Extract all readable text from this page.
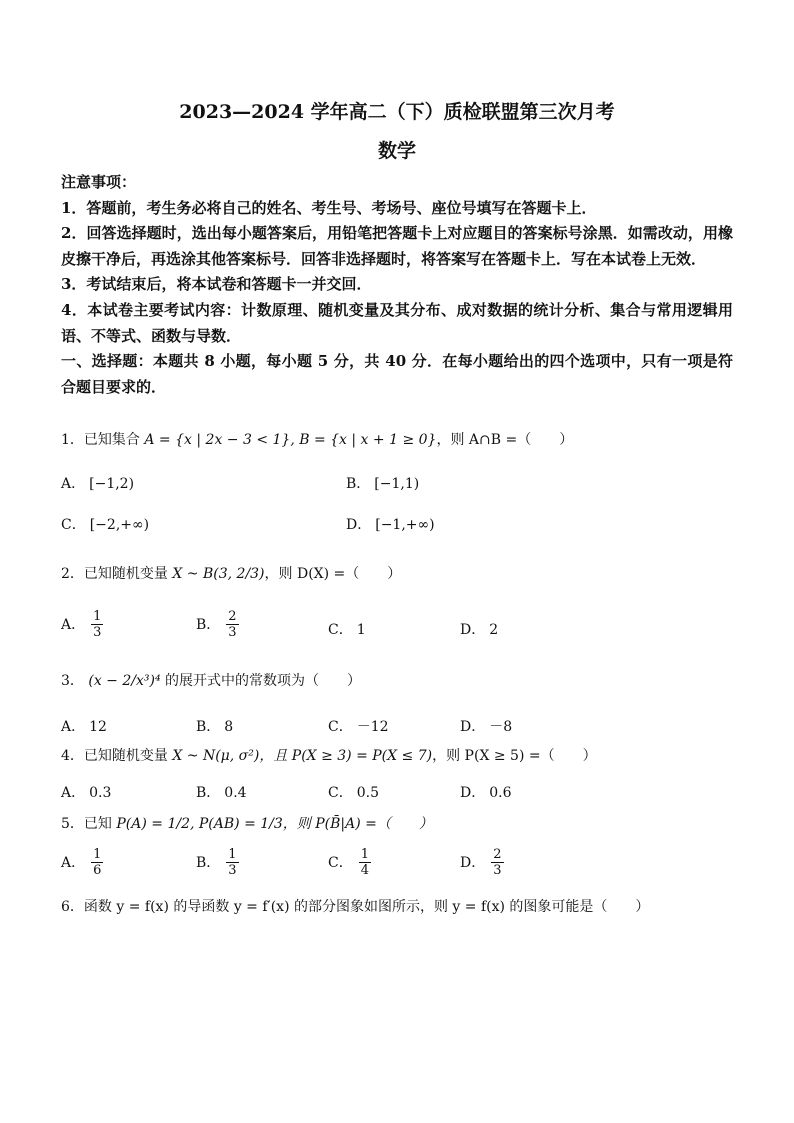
2023—2024 学年高二（下）质检联盟第三次月考
数学

注意事项：

1．答题前，考生务必将自己的姓名、考生号、考场号、座位号填写在答题卡上．

2．回答选择题时，选出每小题答案后，用铅笔把答题卡上对应题目的答案标号涂黑．如需改动，用橡皮擦干净后，再选涂其他答案标号．回答非选择题时，将答案写在答题卡上．写在本试卷上无效．

3．考试结束后，将本试卷和答题卡一并交回．

4．本试卷主要考试内容：计数原理、随机变量及其分布、成对数据的统计分析、集合与常用逻辑用语、不等式、函数与导数．

一、选择题：本题共 8 小题，每小题 5 分，共 40 分．在每小题给出的四个选项中，只有一项是符合题目要求的．

1．已知集合 A = {x | 2x − 3 < 1}, B = {x | x + 1 ≥ 0}，则 A∩B =（　　）
A． [−1,2)	B． [−1,1)
C． [−2,+∞)	D． [−1,+∞)
2．已知随机变量 X ~ B(3, 2/3)，则 D(X) =（　　）
A． $\frac{1}{3}$	B． $\frac{2}{3}$	C． 1	D． 2
3． (x − 2/x³)⁴ 的展开式中的常数项为（　　）
A． 12	B． 8	C． －12	D． －8
4．已知随机变量 X ~ N(μ, σ²)，且 P(X ≥ 3) = P(X ≤ 7)，则 P(X ≥ 5) =（　　）
A． 0.3	B． 0.4	C． 0.5	D． 0.6
5．已知 P(A) = 1/2, P(AB) = 1/3，则 P(B̄|A) =（　　）
A． $\frac{1}{6}$	B． $\frac{1}{3}$	C． $\frac{1}{4}$	D． $\frac{2}{3}$
6．函数 y = f(x) 的导函数 y = f′(x) 的部分图象如图所示，则 y = f(x) 的图象可能是（　　）
